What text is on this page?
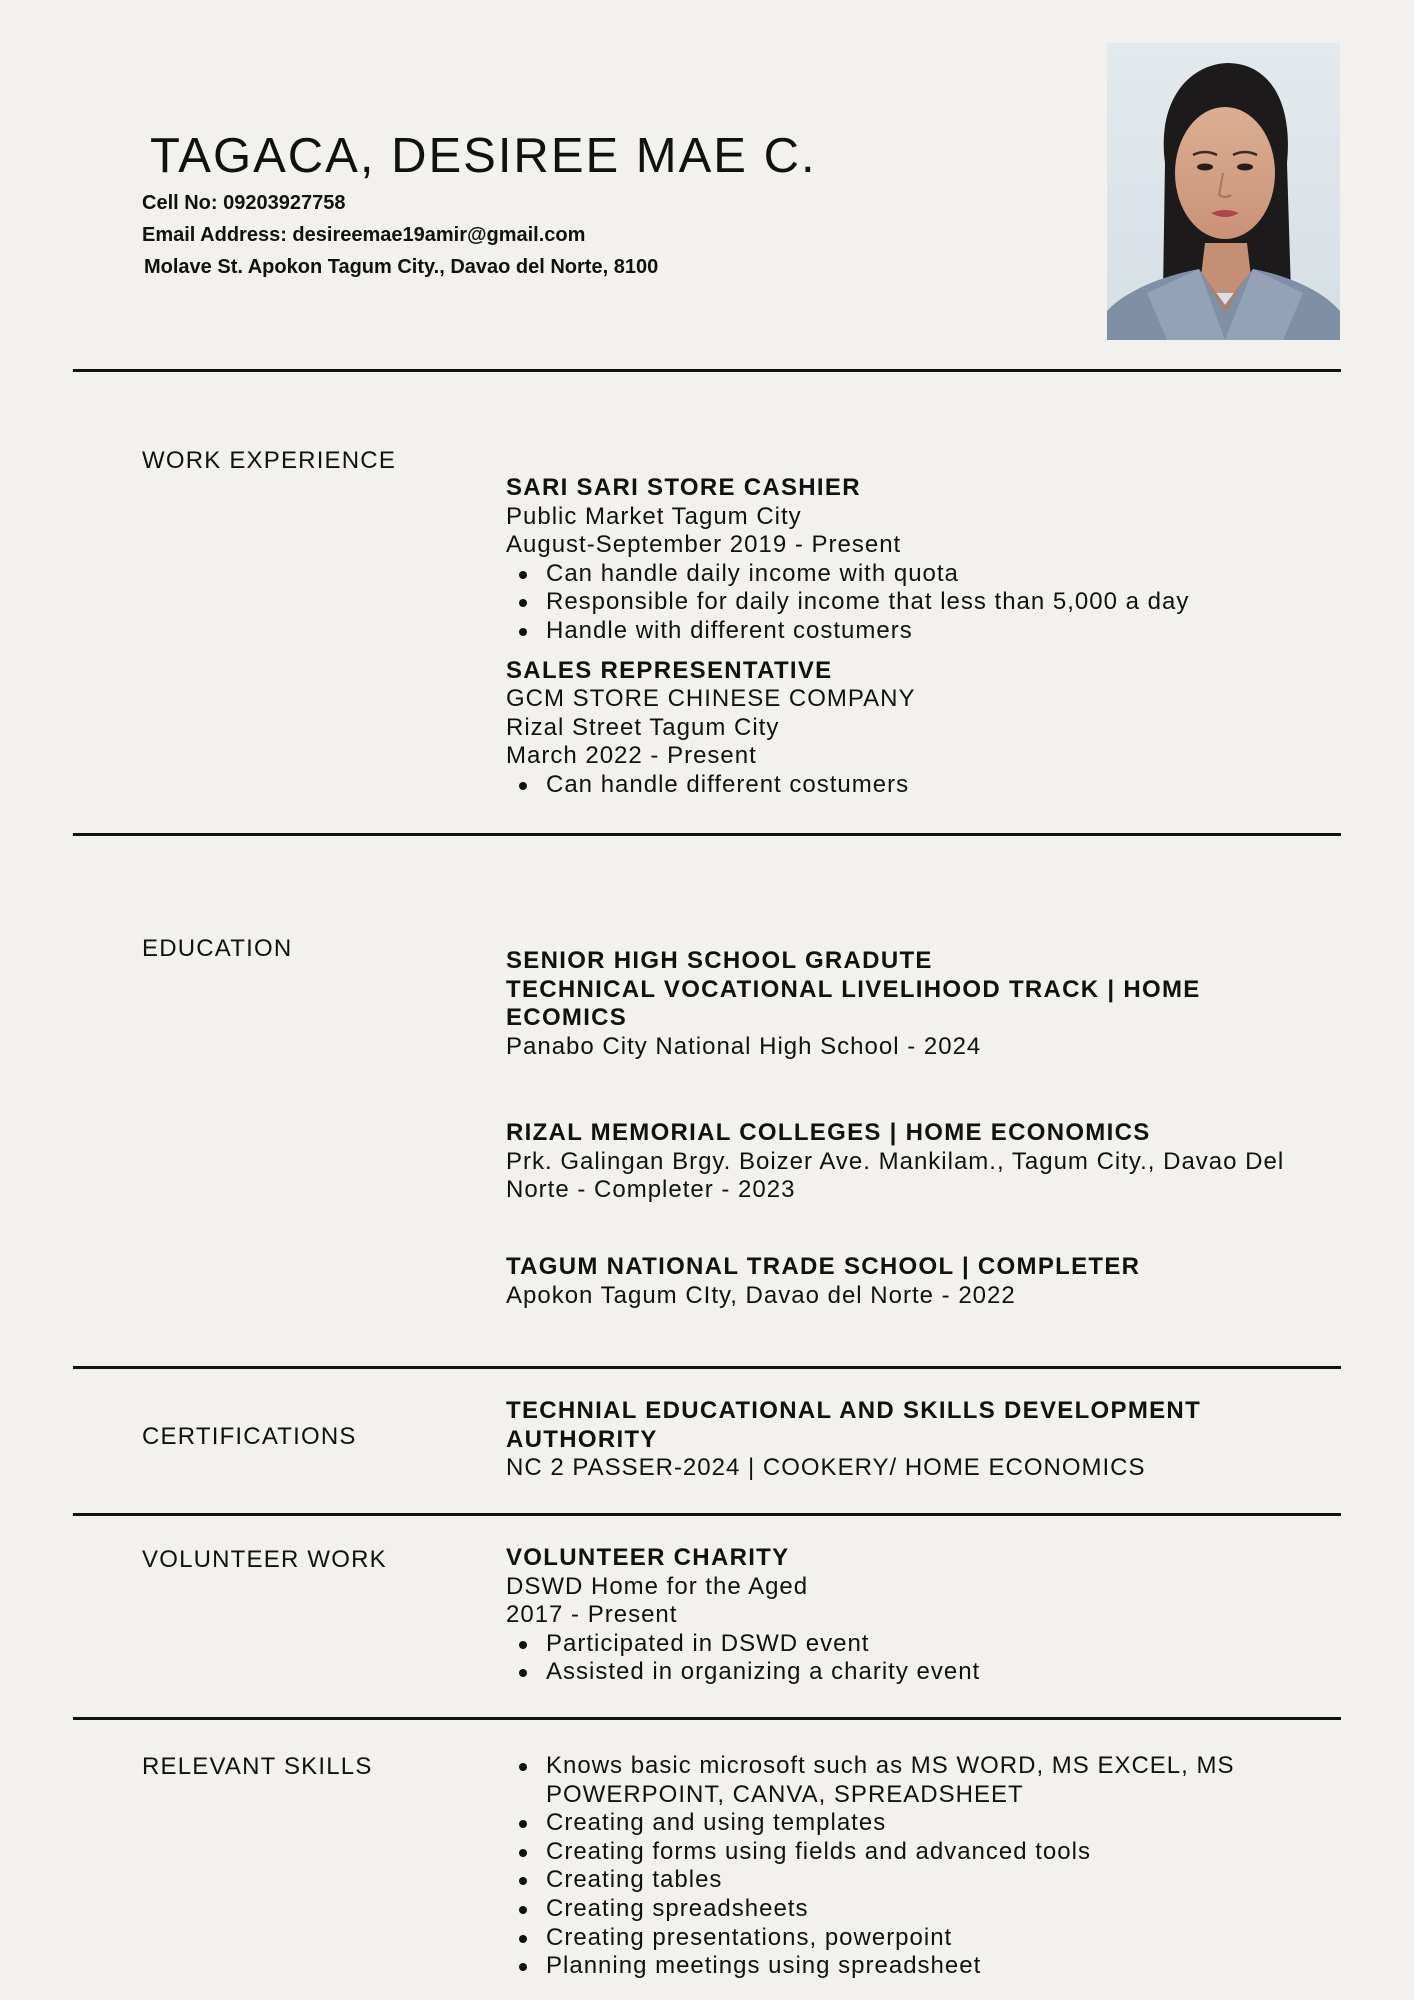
TAGACA, DESIREE MAE C.
Cell No: 09203927758
Email Address: desireemae19amir@gmail.com
Molave St. Apokon Tagum City., Davao del Norte, 8100
WORK EXPERIENCE
SARI SARI STORE CASHIER
Public Market Tagum City
August-September 2019 - Present
Can handle daily income with quota
Responsible for daily income that less than 5,000 a day
Handle with different costumers
SALES REPRESENTATIVE
GCM STORE CHINESE COMPANY
Rizal Street Tagum City
March 2022 - Present
Can handle different costumers
EDUCATION	SENIOR HIGH SCHOOL GRADUTE
TECHNICAL VOCATIONAL LIVELIHOOD TRACK | HOME ECOMICS
Panabo City National High School - 2024
RIZAL MEMORIAL COLLEGES | HOME ECONOMICS
Prk. Galingan Brgy. Boizer Ave. Mankilam., Tagum City., Davao Del Norte - Completer - 2023
TAGUM NATIONAL TRADE SCHOOL | COMPLETER
Apokon Tagum CIty, Davao del Norte - 2022
CERTIFICATIONS
TECHNIAL EDUCATIONAL AND SKILLS DEVELOPMENT AUTHORITY
NC 2 PASSER-2024 | COOKERY/ HOME ECONOMICS
VOLUNTEER WORK	VOLUNTEER CHARITY
DSWD Home for the Aged
2017 - Present
Participated in DSWD event
Assisted in organizing a charity event
RELEVANT SKILLS	Knows basic microsoft such as MS WORD, MS EXCEL, MS POWERPOINT, CANVA, SPREADSHEET
Creating and using templates
Creating forms using fields and advanced tools
Creating tables
Creating spreadsheets
Creating presentations, powerpoint
Planning meetings using spreadsheet
